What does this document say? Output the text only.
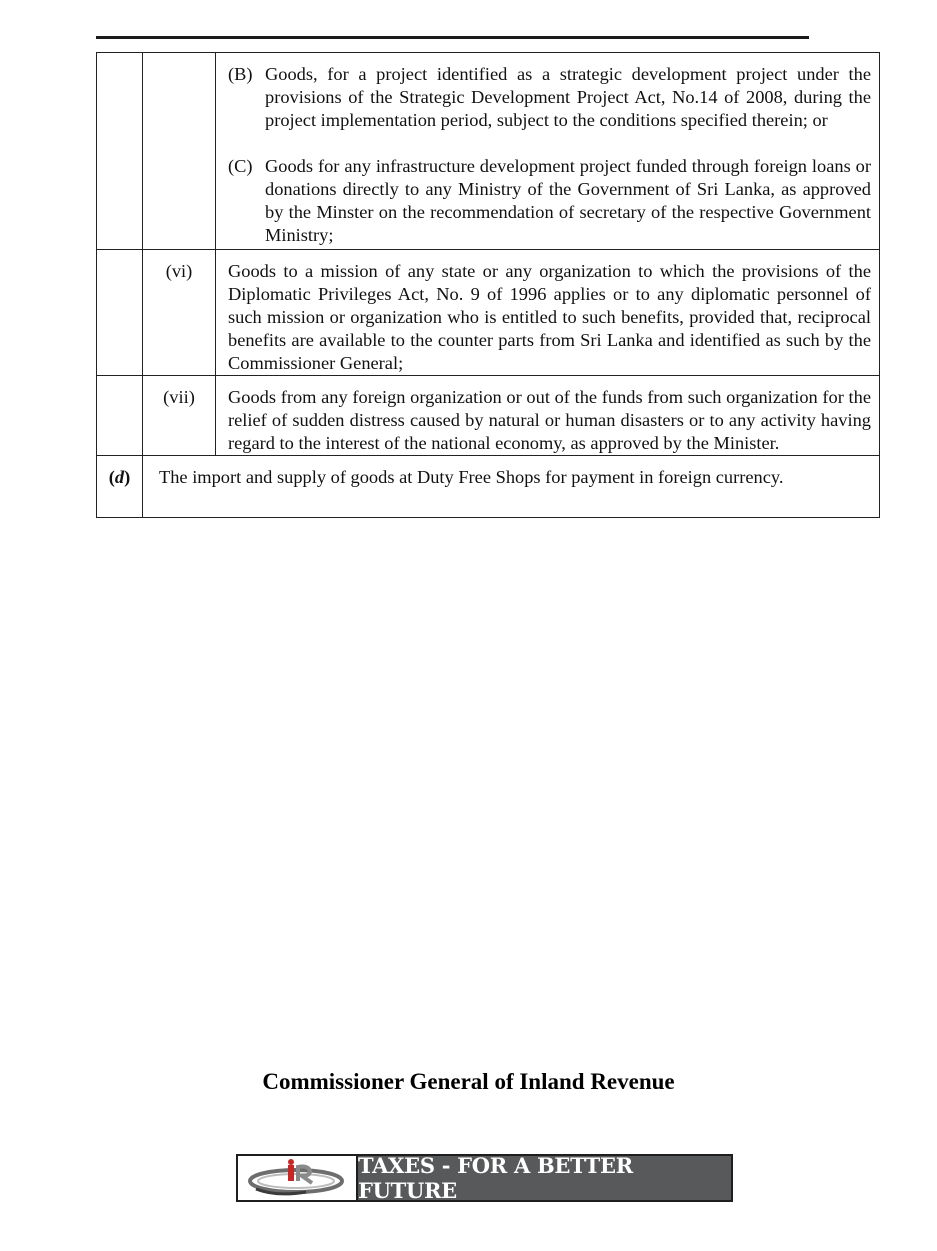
		(B) Goods, for a project identified as a strategic development project under the provisions of the Strategic Development Project Act, No.14 of 2008, during the project implementation period, subject to the conditions specified therein; or

(C) Goods for any infrastructure development project funded through foreign loans or donations directly to any Ministry of the Government of Sri Lanka, as approved by the Minster on the recommendation of secretary of the respective Government Ministry;

	(vi)	Goods to a mission of any state or any organization to which the provisions of the Diplomatic Privileges Act, No. 9 of 1996 applies or to any diplomatic personnel of such mission or organization who is entitled to such benefits, provided that, reciprocal benefits are available to the counter parts from Sri Lanka and identified as such by the Commissioner General;
	(vii)	Goods from any foreign organization or out of the funds from such organization for the relief of sudden distress caused by natural or human disasters or to any activity having regard to the interest of the national economy, as approved by the Minister.
(d)	The import and supply of goods at Duty Free Shops for payment in foreign currency.	
Commissioner General of Inland Revenue
TAXES - FOR A BETTER FUTURE
